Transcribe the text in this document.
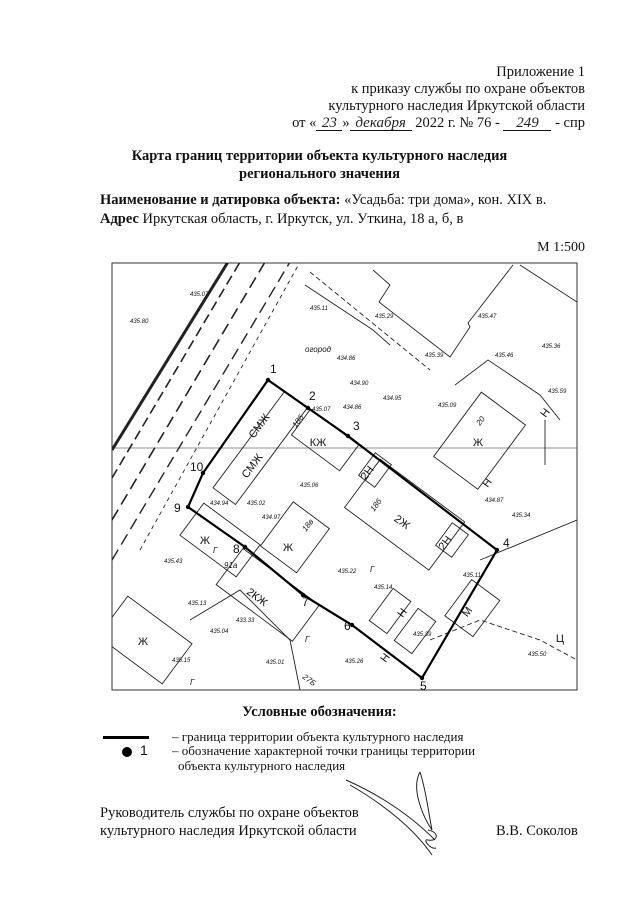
Приложение 1
к приказу службы по охране объектов
культурного наследия Иркутской области
от « 23 » декабря 2022 г. № 76 - 249 - спр
Карта границ территории объекта культурного наследия
регионального значения
Наименование и датировка объекта: «Усадьба: три дома», кон. XIX в.
Адрес Иркутская область, г. Иркутск, ул. Уткина, 18 а, б, в
М 1:500
1
2
3
4
5
6
7
8
9
10
КЖ
2Ж
2Н
2Н
Ж
Ж
2КЖ
Ж
М
СМЖ
СМЖ
Ж
Н
Н
Н
Н
Ц
огород
Г
Г
Г
Г
18в
18б
18б
91а
20
27Б
435.11
435.29
435.39
435.47
434.86
434.90
434.86
434.95
435.07
435.09
435.46
435.36
435.59
435.80
435.07
435.06
434.94	435.02
434.97
435.22
435.14
435.11
434.87
435.34
435.13
435.04
435.15	435.26
435.01
435.39
433.33
435.43
435.50
Условные обозначения:
– граница территории объекта культурного наследия
1 – обозначение характерной точки границы территории
объекта культурного наследия
Руководитель службы по охране объектов
культурного наследия Иркутской области	В.В. Соколов
